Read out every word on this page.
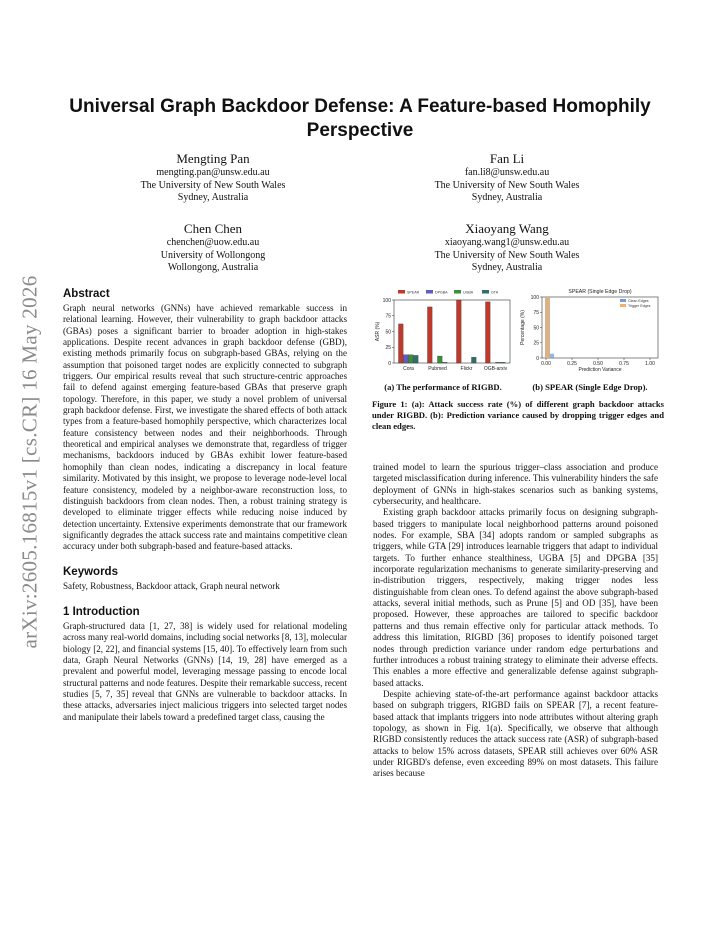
arXiv:2605.16815v1 [cs.CR] 16 May 2026
Universal Graph Backdoor Defense: A Feature-based Homophily Perspective
Mengting Pan
mengting.pan@unsw.edu.au
The University of New South Wales
Sydney, Australia
Fan Li
fan.li8@unsw.edu.au
The University of New South Wales
Sydney, Australia
Chen Chen
chenchen@uow.edu.au
University of Wollongong
Wollongong, Australia
Xiaoyang Wang
xiaoyang.wang1@unsw.edu.au
The University of New South Wales
Sydney, Australia
Abstract
Graph neural networks (GNNs) have achieved remarkable success in relational learning. However, their vulnerability to graph backdoor attacks (GBAs) poses a significant barrier to broader adoption in high-stakes applications. Despite recent advances in graph backdoor defense (GBD), existing methods primarily focus on subgraph-based GBAs, relying on the assumption that poisoned target nodes are explicitly connected to subgraph triggers. Our empirical results reveal that such structure-centric approaches fail to defend against emerging feature-based GBAs that preserve graph topology. Therefore, in this paper, we study a novel problem of universal graph backdoor defense. First, we investigate the shared effects of both attack types from a feature-based homophily perspective, which characterizes local feature consistency between nodes and their neighborhoods. Through theoretical and empirical analyses we demonstrate that, regardless of trigger mechanisms, backdoors induced by GBAs exhibit lower feature-based homophily than clean nodes, indicating a discrepancy in local feature similarity. Motivated by this insight, we propose to leverage node-level local feature consistency, modeled by a neighbor-aware reconstruction loss, to distinguish backdoors from clean nodes. Then, a robust training strategy is developed to eliminate trigger effects while reducing noise induced by detection uncertainty. Extensive experiments demonstrate that our framework significantly degrades the attack success rate and maintains competitive clean accuracy under both subgraph-based and feature-based attacks.
Keywords
Safety, Robustness, Backdoor attack, Graph neural network
1 Introduction
Graph-structured data [1, 27, 38] is widely used for relational modeling across many real-world domains, including social networks [8, 13], molecular biology [2, 22], and financial systems [15, 40]. To effectively learn from such data, Graph Neural Networks (GNNs) [14, 19, 28] have emerged as a prevalent and powerful model, leveraging message passing to encode local structural patterns and node features. Despite their remarkable success, recent studies [5, 7, 35] reveal that GNNs are vulnerable to backdoor attacks. In these attacks, adversaries inject malicious triggers into selected target nodes and manipulate their labels toward a predefined target class, causing the
SPEAR	DPGBA	UGBA	GTA
0
25
50
75
100
ASR (%)
Cora	Pubmed	Flickr OGB-arxiv
SPEAR (Single Edge Drop)
0
25
50
75
100
0.00	0.25	0.50	0.75	1.00
Prediction Variance
Percentage (%)
Clean Edges
Trigger Edges
(a) The performance of RIGBD.	(b) SPEAR (Single Edge Drop).
Figure 1: (a): Attack success rate (%) of different graph backdoor attacks under RIGBD. (b): Prediction variance caused by dropping trigger edges and clean edges.
trained model to learn the spurious trigger–class association and produce targeted misclassification during inference. This vulnerability hinders the safe deployment of GNNs in high-stakes scenarios such as banking systems, cybersecurity, and healthcare.
Existing graph backdoor attacks primarily focus on designing subgraph-based triggers to manipulate local neighborhood patterns around poisoned nodes. For example, SBA [34] adopts random or sampled subgraphs as triggers, while GTA [29] introduces learnable triggers that adapt to individual targets. To further enhance stealthiness, UGBA [5] and DPGBA [35] incorporate regularization mechanisms to generate similarity-preserving and in-distribution triggers, respectively, making trigger nodes less distinguishable from clean ones. To defend against the above subgraph-based attacks, several initial methods, such as Prune [5] and OD [35], have been proposed. However, these approaches are tailored to specific backdoor patterns and thus remain effective only for particular attack methods. To address this limitation, RIGBD [36] proposes to identify poisoned target nodes through prediction variance under random edge perturbations and further introduces a robust training strategy to eliminate their adverse effects. This enables a more effective and generalizable defense against subgraph-based attacks.
Despite achieving state-of-the-art performance against backdoor attacks based on subgraph triggers, RIGBD fails on SPEAR [7], a recent feature-based attack that implants triggers into node attributes without altering graph topology, as shown in Fig. 1(a). Specifically, we observe that although RIGBD consistently reduces the attack success rate (ASR) of subgraph-based attacks to below 15% across datasets, SPEAR still achieves over 60% ASR under RIGBD's defense, even exceeding 89% on most datasets. This failure arises because
